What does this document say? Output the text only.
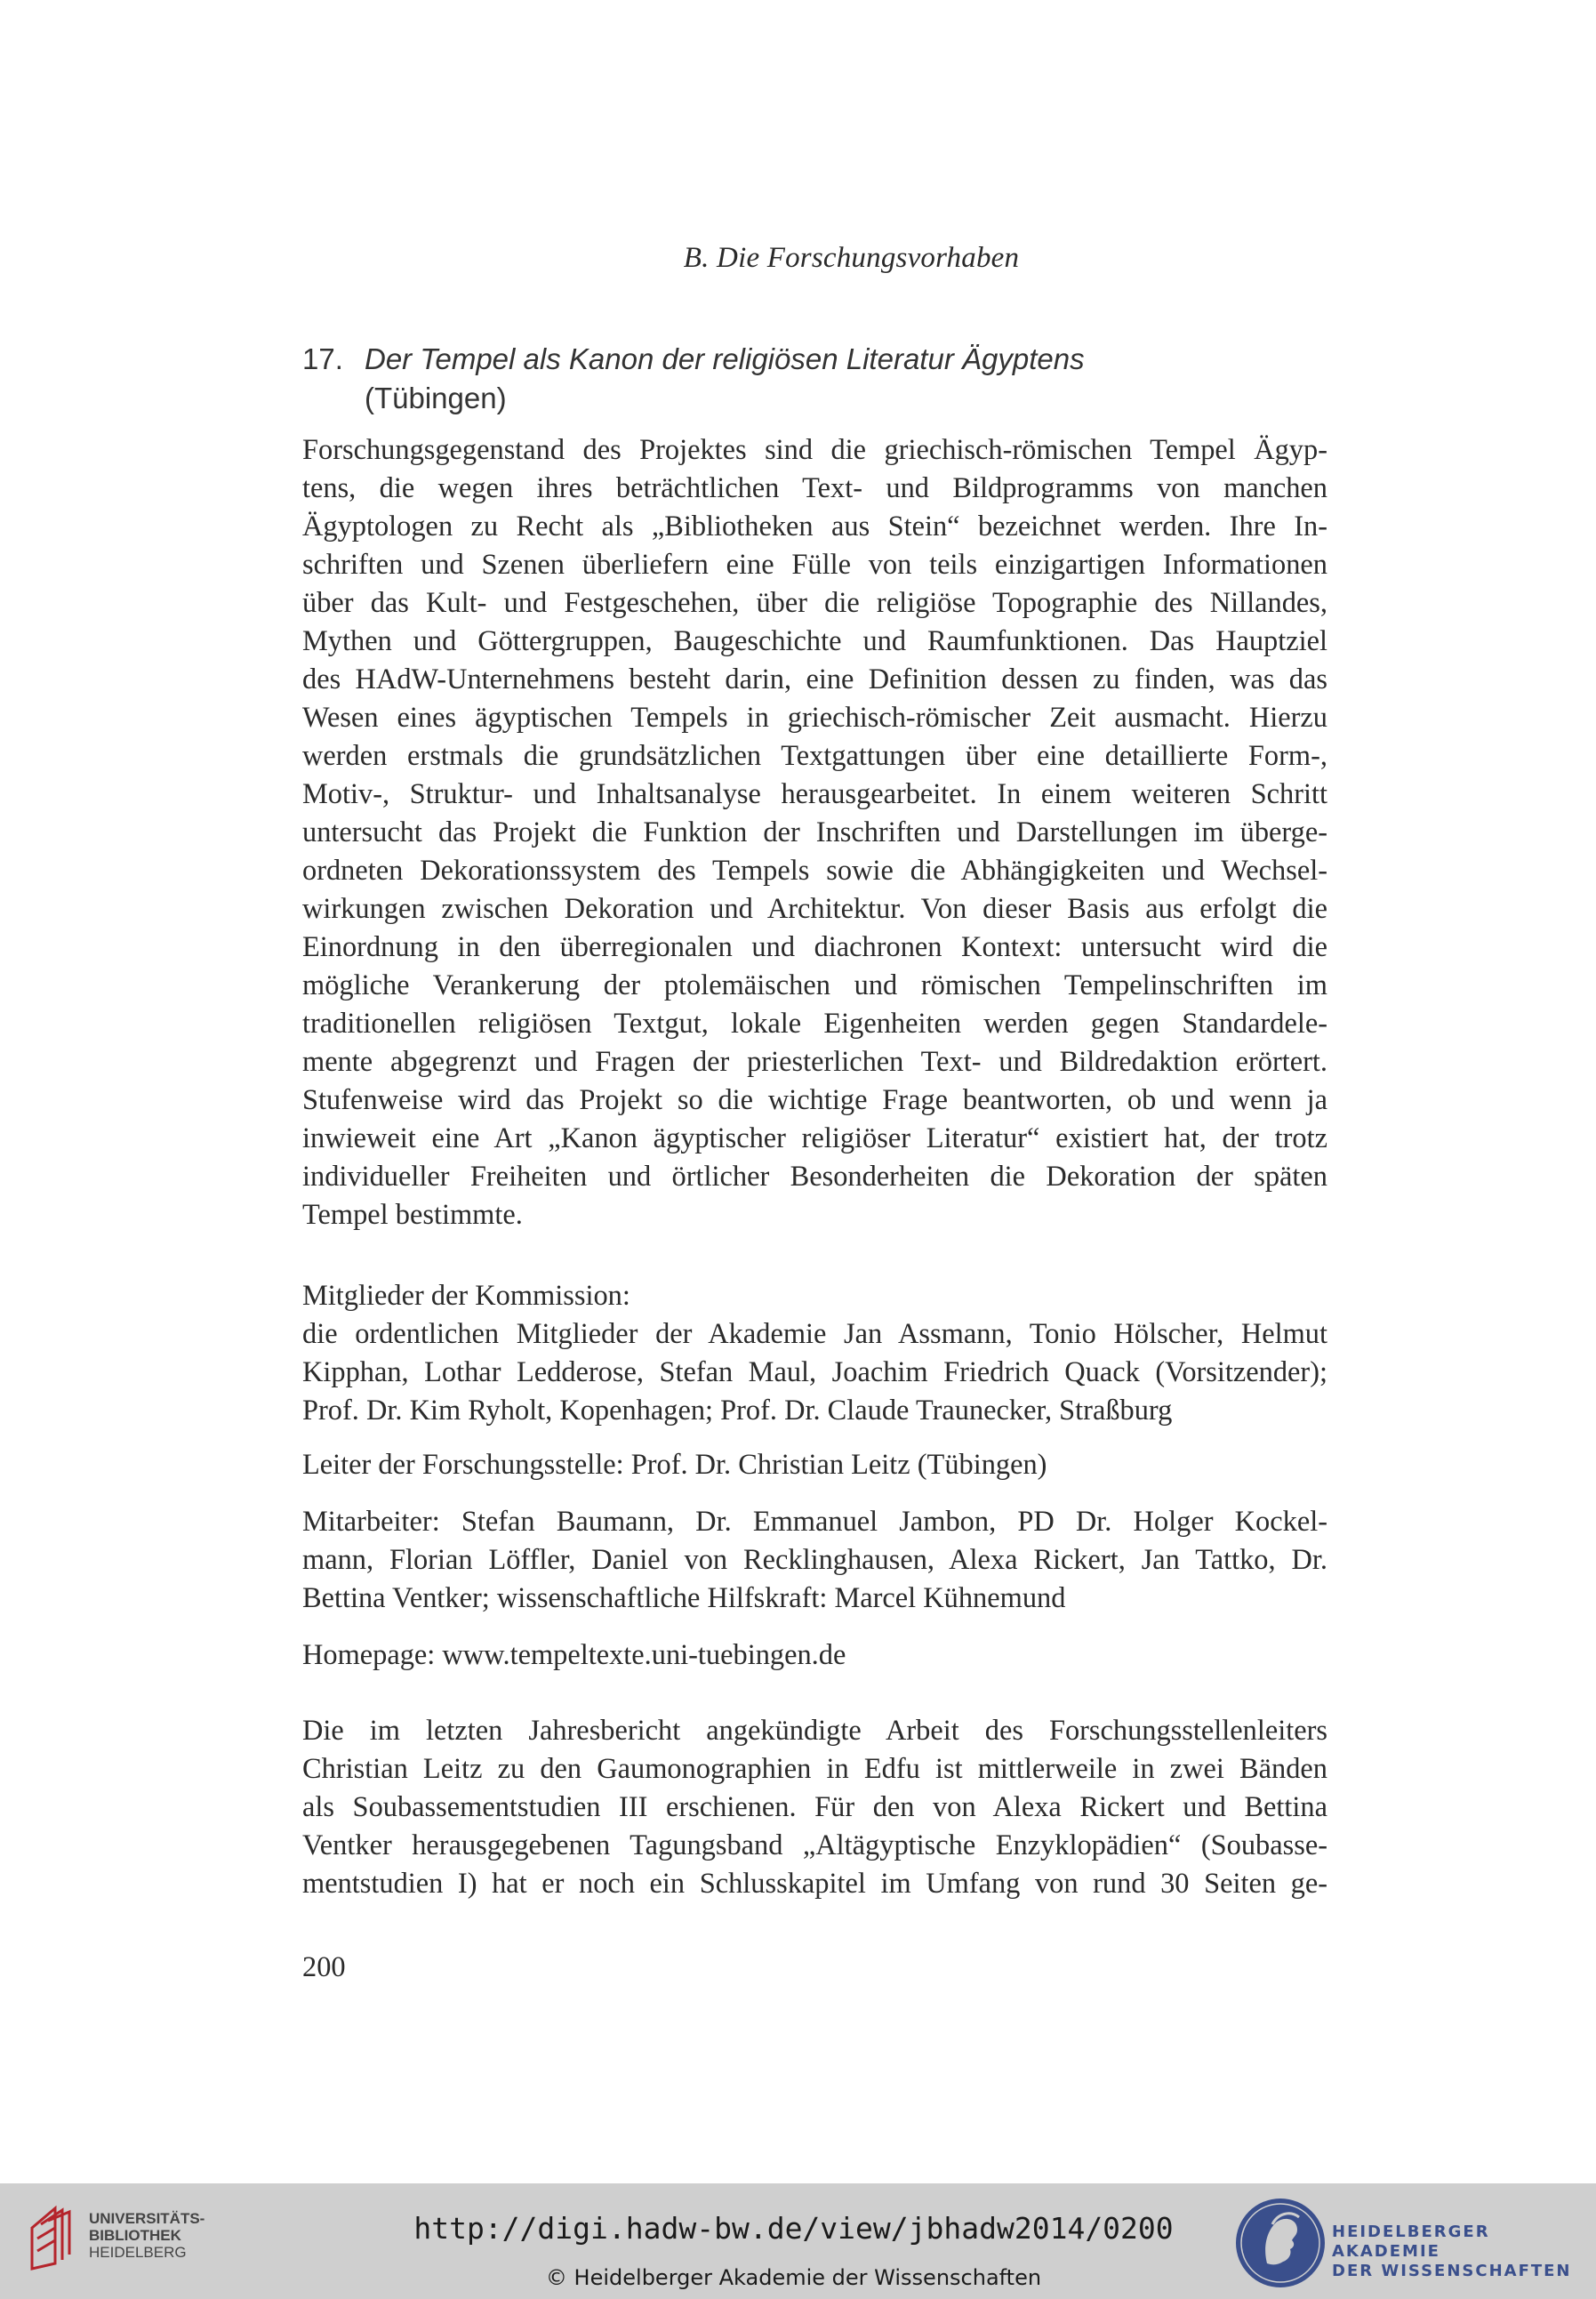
B. Die Forschungsvorhaben
17. Der Tempel als Kanon der religiösen Literatur Ägyptens
(Tübingen)
Forschungsgegenstand des Projektes sind die griechisch-römischen Tempel Ägyp-
tens, die wegen ihres beträchtlichen Text- und Bildprogramms von manchen
Ägyptologen zu Recht als „Bibliotheken aus Stein“ bezeichnet werden. Ihre In-
schriften und Szenen überliefern eine Fülle von teils einzigartigen Informationen
über das Kult- und Festgeschehen, über die religiöse Topographie des Nillandes,
Mythen und Göttergruppen, Baugeschichte und Raumfunktionen. Das Hauptziel
des HAdW-Unternehmens besteht darin, eine Definition dessen zu finden, was das
Wesen eines ägyptischen Tempels in griechisch-römischer Zeit ausmacht. Hierzu
werden erstmals die grundsätzlichen Textgattungen über eine detaillierte Form-,
Motiv-, Struktur- und Inhaltsanalyse herausgearbeitet. In einem weiteren Schritt
untersucht das Projekt die Funktion der Inschriften und Darstellungen im überge-
ordneten Dekorationssystem des Tempels sowie die Abhängigkeiten und Wechsel-
wirkungen zwischen Dekoration und Architektur. Von dieser Basis aus erfolgt die
Einordnung in den überregionalen und diachronen Kontext: untersucht wird die
mögliche Verankerung der ptolemäischen und römischen Tempelinschriften im
traditionellen religiösen Textgut, lokale Eigenheiten werden gegen Standardele-
mente abgegrenzt und Fragen der priesterlichen Text- und Bildredaktion erörtert.
Stufenweise wird das Projekt so die wichtige Frage beantworten, ob und wenn ja
inwieweit eine Art „Kanon ägyptischer religiöser Literatur“ existiert hat, der trotz
individueller Freiheiten und örtlicher Besonderheiten die Dekoration der späten
Tempel bestimmte.
Mitglieder der Kommission:
die ordentlichen Mitglieder der Akademie Jan Assmann, Tonio Hölscher, Helmut
Kipphan, Lothar Ledderose, Stefan Maul, Joachim Friedrich Quack (Vorsitzender);
Prof. Dr. Kim Ryholt, Kopenhagen; Prof. Dr. Claude Traunecker, Straßburg
Leiter der Forschungsstelle: Prof. Dr. Christian Leitz (Tübingen)
Mitarbeiter: Stefan Baumann, Dr. Emmanuel Jambon, PD Dr. Holger Kockel-
mann, Florian Löffler, Daniel von Recklinghausen, Alexa Rickert, Jan Tattko, Dr.
Bettina Ventker; wissenschaftliche Hilfskraft: Marcel Kühnemund
Homepage: www.tempeltexte.uni-tuebingen.de
Die im letzten Jahresbericht angekündigte Arbeit des Forschungsstellenleiters
Christian Leitz zu den Gaumonographien in Edfu ist mittlerweile in zwei Bänden
als Soubassementstudien III erschienen. Für den von Alexa Rickert und Bettina
Ventker herausgegebenen Tagungsband „Altägyptische Enzyklopädien“ (Soubasse-
mentstudien I) hat er noch ein Schlusskapitel im Umfang von rund 30 Seiten ge-
200
UNIVERSITÄTS-
BIBLIOTHEK
HEIDELBERG
http://digi.hadw-bw.de/view/jbhadw2014/0200
© Heidelberger Akademie der Wissenschaften
HEIDELBERGER AKADEMIE
DER WISSENSCHAFTEN
